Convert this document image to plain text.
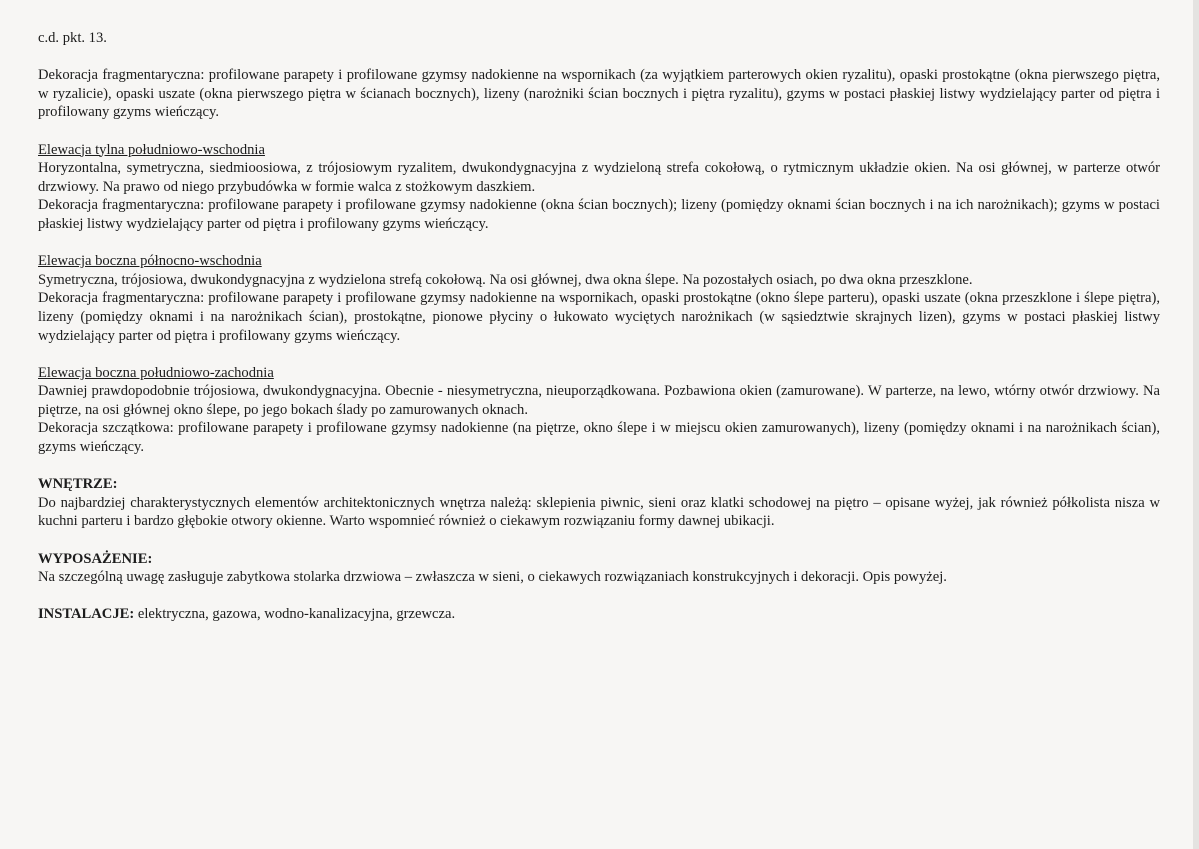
c.d. pkt. 13.
Dekoracja fragmentaryczna: profilowane parapety i profilowane gzymsy nadokienne na wspornikach (za wyjątkiem parterowych okien ryzalitu), opaski prostokątne (okna pierwszego piętra, w ryzalicie), opaski uszate (okna pierwszego piętra w ścianach bocznych), lizeny (narożniki ścian bocznych i piętra ryzalitu), gzyms w postaci płaskiej listwy wydzielający parter od piętra i profilowany gzyms wieńczący.

Elewacja tylna południowo-wschodnia

Horyzontalna, symetryczna, siedmioosiowa, z trójosiowym ryzalitem, dwukondygnacyjna z wydzieloną strefa cokołową, o rytmicznym układzie okien. Na osi głównej, w parterze otwór drzwiowy. Na prawo od niego przybudówka w formie walca z stożkowym daszkiem.

Dekoracja fragmentaryczna: profilowane parapety i profilowane gzymsy nadokienne (okna ścian bocznych); lizeny (pomiędzy oknami ścian bocznych i na ich narożnikach); gzyms w postaci płaskiej listwy wydzielający parter od piętra i profilowany gzyms wieńczący.

Elewacja boczna północno-wschodnia

Symetryczna, trójosiowa, dwukondygnacyjna z wydzielona strefą cokołową. Na osi głównej, dwa okna ślepe. Na pozostałych osiach, po dwa okna przeszklone.

Dekoracja fragmentaryczna: profilowane parapety i profilowane gzymsy nadokienne na wspornikach, opaski prostokątne (okno ślepe parteru), opaski uszate (okna przeszklone i ślepe piętra), lizeny (pomiędzy oknami i na narożnikach ścian), prostokątne, pionowe płyciny o łukowato wyciętych narożnikach (w sąsiedztwie skrajnych lizen), gzyms w postaci płaskiej listwy wydzielający parter od piętra i profilowany gzyms wieńczący.

Elewacja boczna południowo-zachodnia

Dawniej prawdopodobnie trójosiowa, dwukondygnacyjna. Obecnie - niesymetryczna, nieuporządkowana. Pozbawiona okien (zamurowane). W parterze, na lewo, wtórny otwór drzwiowy. Na piętrze, na osi głównej okno ślepe, po jego bokach ślady po zamurowanych oknach.

Dekoracja szczątkowa: profilowane parapety i profilowane gzymsy nadokienne (na piętrze, okno ślepe i w miejscu okien zamurowanych), lizeny (pomiędzy oknami i na narożnikach ścian), gzyms wieńczący.

WNĘTRZE:

Do najbardziej charakterystycznych elementów architektonicznych wnętrza należą: sklepienia piwnic, sieni oraz klatki schodowej na piętro – opisane wyżej, jak również półkolista nisza w kuchni parteru i bardzo głębokie otwory okienne. Warto wspomnieć również o ciekawym rozwiązaniu formy dawnej ubikacji.

WYPOSAŻENIE:

Na szczególną uwagę zasługuje zabytkowa stolarka drzwiowa – zwłaszcza w sieni, o ciekawych rozwiązaniach konstrukcyjnych i dekoracji. Opis powyżej.

INSTALACJE: elektryczna, gazowa, wodno-kanalizacyjna, grzewcza.
